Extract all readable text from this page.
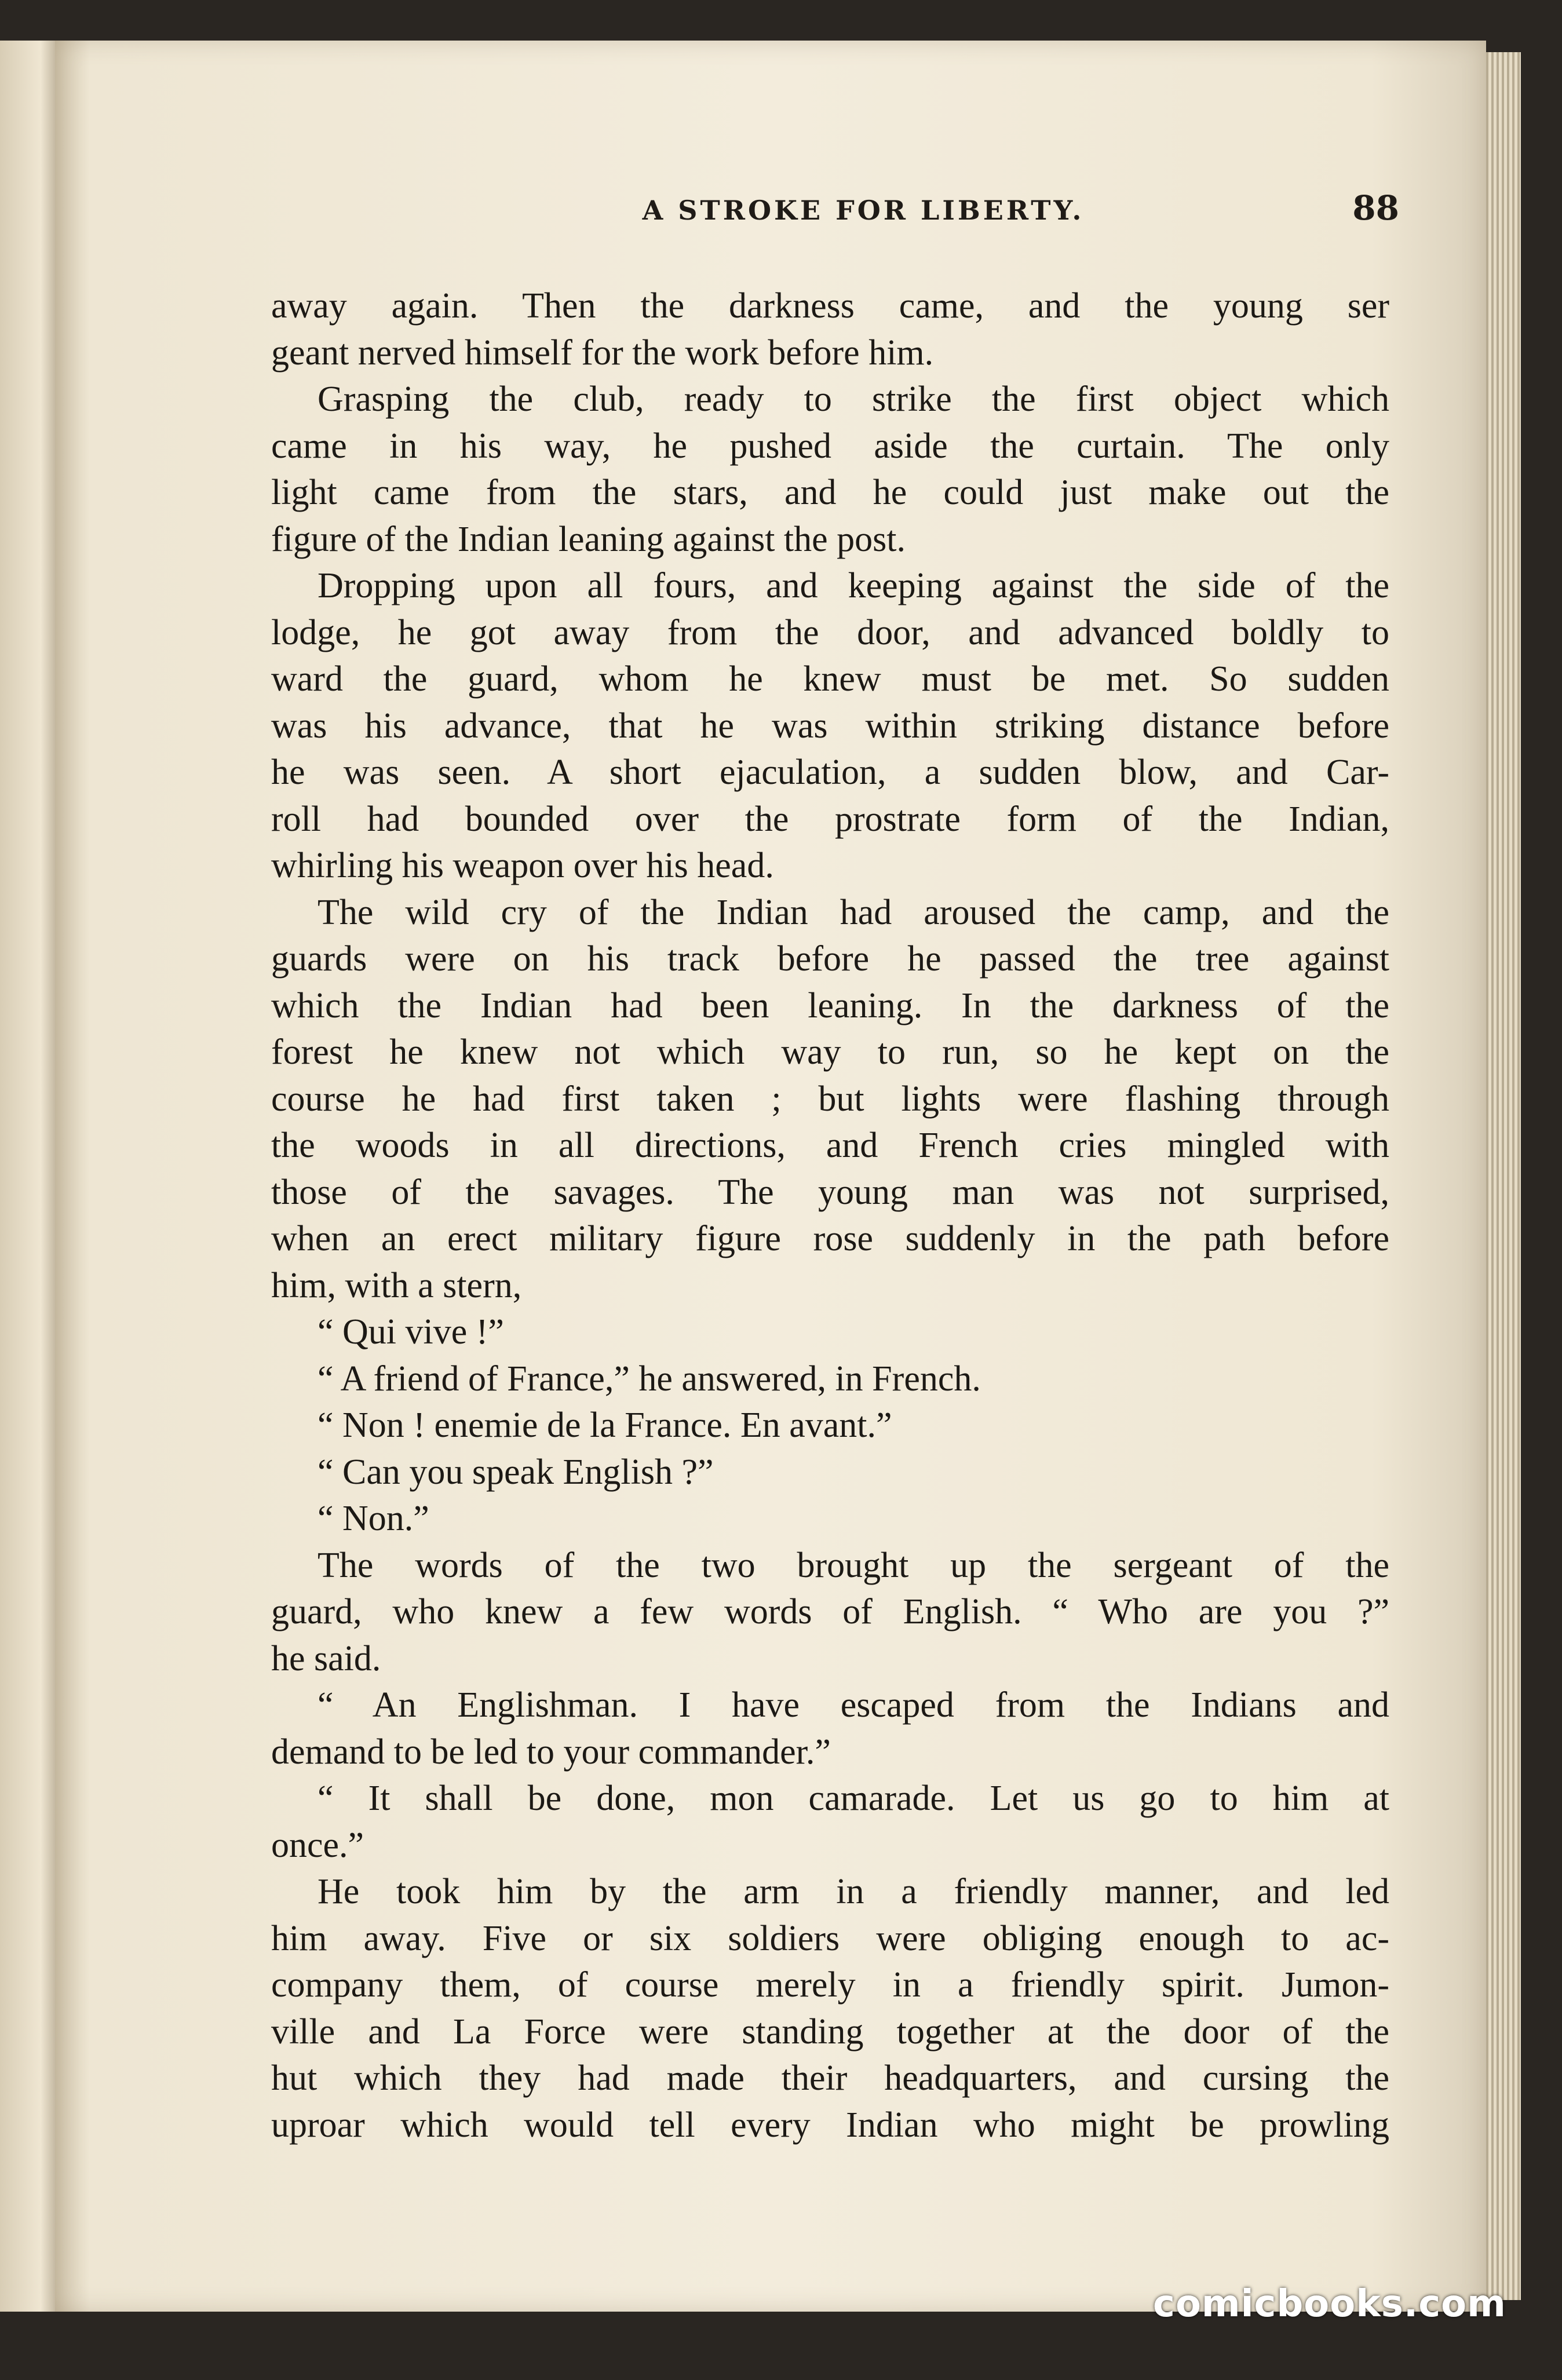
A STROKE FOR LIBERTY.	88
away again. Then the darkness came, and the young ser
geant nerved himself for the work before him.
Grasping the club, ready to strike the first object which
came in his way, he pushed aside the curtain. The only
light came from the stars, and he could just make out the
figure of the Indian leaning against the post.
Dropping upon all fours, and keeping against the side of the
lodge, he got away from the door, and advanced boldly to
ward the guard, whom he knew must be met. So sudden
was his advance, that he was within striking distance before
he was seen. A short ejaculation, a sudden blow, and Car-
roll had bounded over the prostrate form of the Indian,
whirling his weapon over his head.
The wild cry of the Indian had aroused the camp, and the
guards were on his track before he passed the tree against
which the Indian had been leaning. In the darkness of the
forest he knew not which way to run, so he kept on the
course he had first taken ; but lights were flashing through
the woods in all directions, and French cries mingled with
those of the savages. The young man was not surprised,
when an erect military figure rose suddenly in the path before
him, with a stern,
“ Qui vive !”
“ A friend of France,” he answered, in French.
“ Non ! enemie de la France. En avant.”
“ Can you speak English ?”
“ Non.”
The words of the two brought up the sergeant of the
guard, who knew a few words of English. “ Who are you ?”
he said.
“ An Englishman. I have escaped from the Indians and
demand to be led to your commander.”
“ It shall be done, mon camarade. Let us go to him at
once.”
He took him by the arm in a friendly manner, and led
him away. Five or six soldiers were obliging enough to ac-
company them, of course merely in a friendly spirit. Jumon-
ville and La Force were standing together at the door of the
hut which they had made their headquarters, and cursing the
uproar which would tell every Indian who might be prowling
comicbooks.com
